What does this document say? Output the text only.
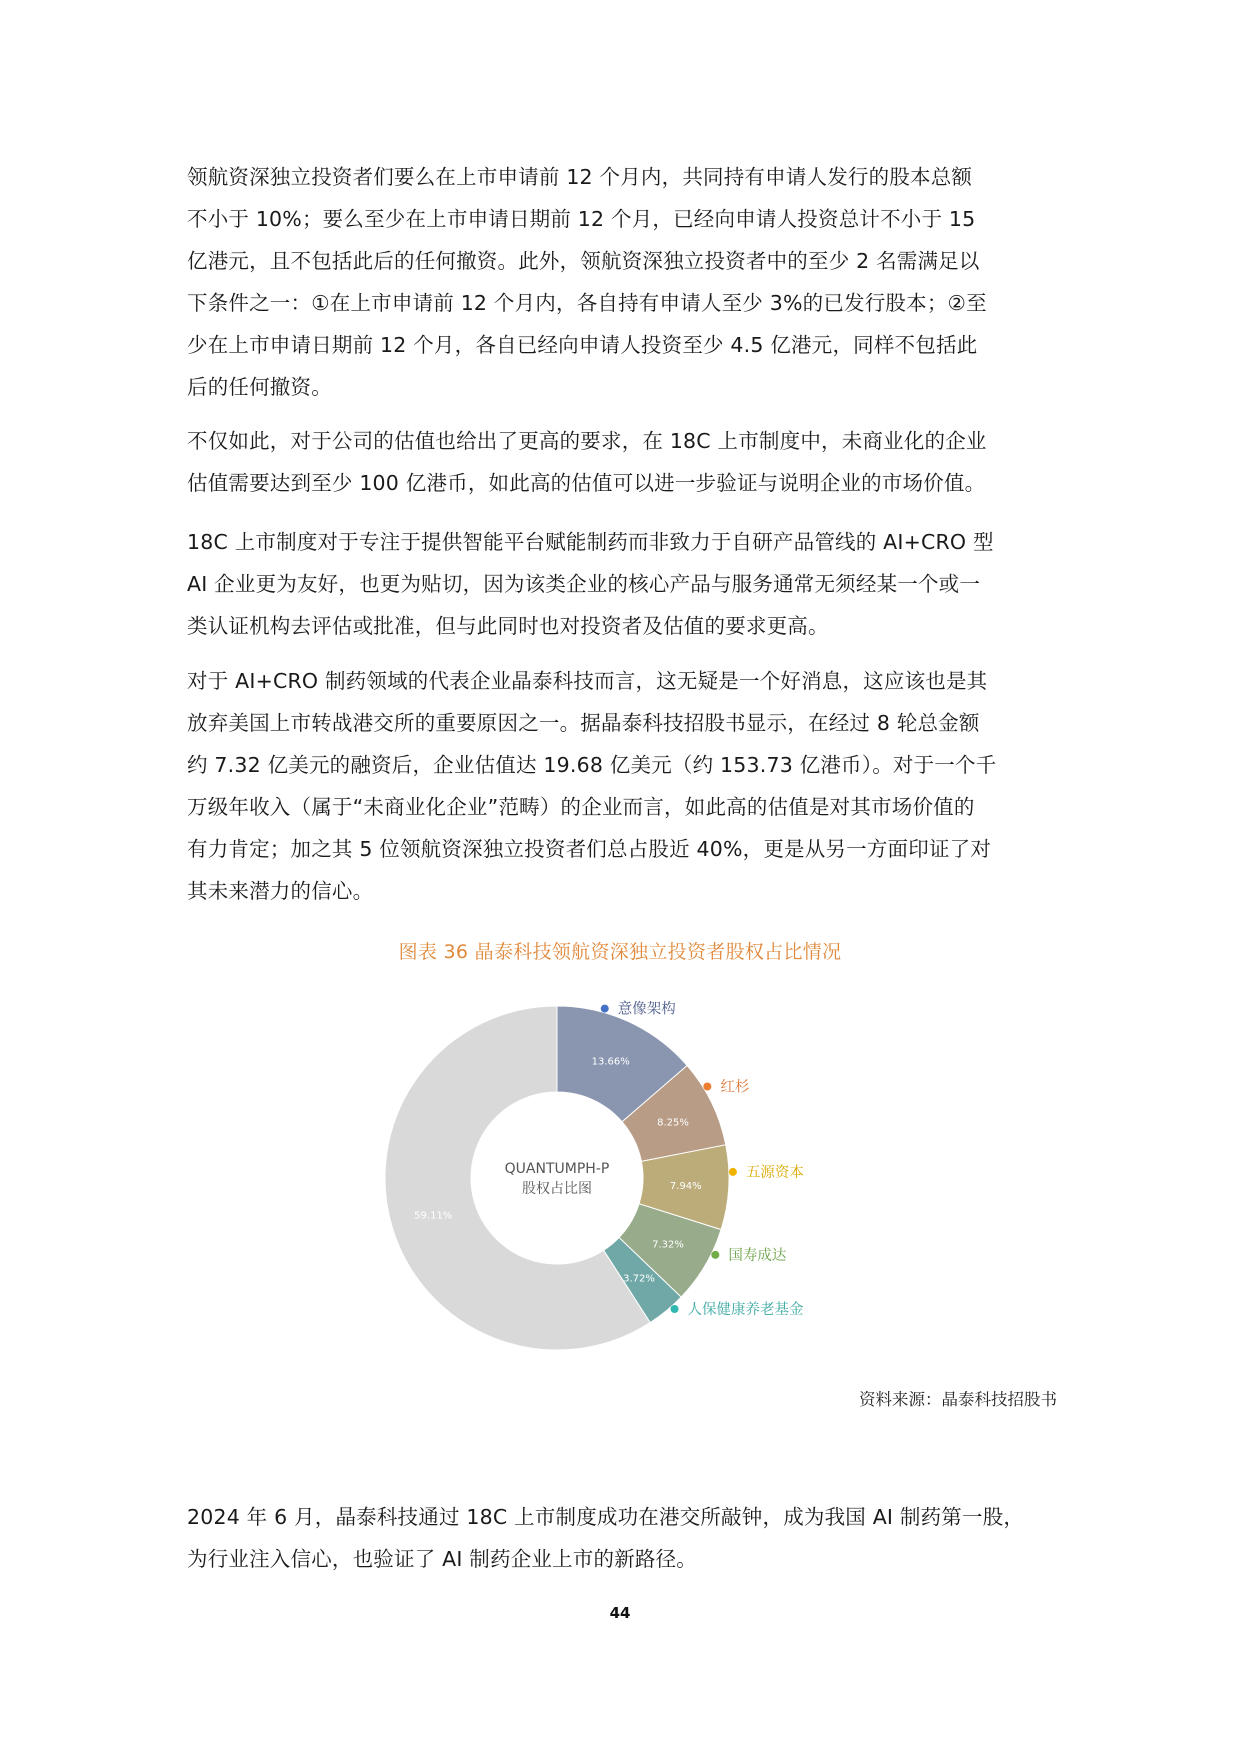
领航资深独立投资者们要么在上市申请前 12 个月内，共同持有申请人发行的股本总额
不小于 10%；要么至少在上市申请日期前 12 个月，已经向申请人投资总计不小于 15
亿港元，且不包括此后的任何撤资。此外，领航资深独立投资者中的至少 2 名需满足以
下条件之一：①在上市申请前 12 个月内，各自持有申请人至少 3%的已发行股本；②至
少在上市申请日期前 12 个月，各自已经向申请人投资至少 4.5 亿港元，同样不包括此
后的任何撤资。
不仅如此，对于公司的估值也给出了更高的要求，在 18C 上市制度中，未商业化的企业
估值需要达到至少 100 亿港币，如此高的估值可以进一步验证与说明企业的市场价值。
18C 上市制度对于专注于提供智能平台赋能制药而非致力于自研产品管线的 AI+CRO 型
AI 企业更为友好，也更为贴切，因为该类企业的核心产品与服务通常无须经某一个或一
类认证机构去评估或批准，但与此同时也对投资者及估值的要求更高。
对于 AI+CRO 制药领域的代表企业晶泰科技而言，这无疑是一个好消息，这应该也是其
放弃美国上市转战港交所的重要原因之一。据晶泰科技招股书显示，在经过 8 轮总金额
约 7.32 亿美元的融资后，企业估值达 19.68 亿美元（约 153.73 亿港币）。对于一个千
万级年收入（属于“未商业化企业”范畴）的企业而言，如此高的估值是对其市场价值的
有力肯定；加之其 5 位领航资深独立投资者们总占股近 40%，更是从另一方面印证了对
其未来潜力的信心。
图表 36 晶泰科技领航资深独立投资者股权占比情况
13.66%
8.25%
7.94%
7.32%
3.72%
59.11%
意像架构
红杉
五源资本
国寿成达
人保健康养老基金
QUANTUMPH-P
股权占比图
资料来源：晶泰科技招股书
2024 年 6 月，晶泰科技通过 18C 上市制度成功在港交所敲钟，成为我国 AI 制药第一股，
为行业注入信心，也验证了 AI 制药企业上市的新路径。
44
